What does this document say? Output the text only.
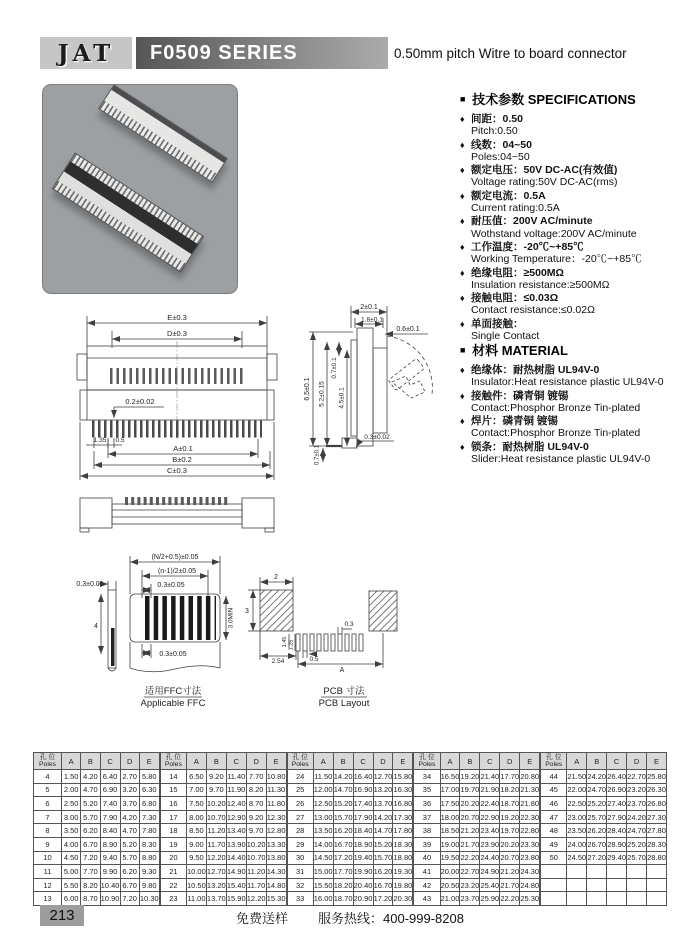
JAT F0509 SERIES	0.50mm pitch Witre to board connector
■ 技术参数 SPECIFICATIONS
♦ 间距：0.50
Pitch:0.50
♦ 线数：04~50
Poles:04~50
♦ 额定电压：50V DC-AC(有效值)
Voltage rating:50V DC-AC(rms)
♦ 额定电流：0.5A
Current rating:0.5A
♦ 耐压值：200V AC/minute
Wothstand voltage:200V AC/minute
♦ 工作温度：-20℃~+85℃
Working Temperature：-20℃~+85℃
♦ 绝缘电阻：≥500MΩ
Insulation resistance:≥500MΩ
♦ 接触电阻：≤0.03Ω
Contact resistance:≤0.02Ω
♦ 单面接触：
Single Contact
■ 材料 MATERIAL
♦ 绝缘体：耐热树脂 UL94V-0
Insulator:Heat resistance plastic UL94V-0
♦ 接触件：磷青铜 镀锡
Contact:Phosphor Bronze Tin-plated
♦ 焊片：磷青铜 镀锡
Contact:Phosphor Bronze Tin-plated
♦ 锁条：耐热树脂 UL94V-0
Slider:Heat resistance plastic UL94V-0
E±0.3
D±0.3
0.2±0.02
1.35 0.5
A±0.1
B±0.2
C±0.3
2±0.1
1.8±0.1
0.6±0.1
6.5±0.1 5.2±0.15
0.7±0.1
4.5±0.1
0.7±0.1
0.3±0.02
(N/2+0.5)±0.05
(n-1)/2±0.05
0.3±0.05
3.0MIN
0.3±0.05
0.3±0.01
4
适用FFC寸法
Applicable FFC
2
3
1.45 1.25
2.54	0.5
0.3
A
PCB 寸法
PCB Layout
孔 位
Poles	A	B	C	D	E
4	1.50	4.20	6.40	2.70	5.80
5	2.00	4.70	6.90	3.20	6.30
6	2.50	5.20	7.40	3.70	6.80
7	3.00	5.70	7.90	4.20	7.30
8	3.50	6.20	8.40	4.70	7.80
9	4.00	6.70	8.90	5.20	8.30
10	4.50	7.20	9.40	5.70	8.80
11	5.00	7.70	9.90	6.20	9.30
12	5.50	8.20	10.40	6.70	9.80
13	6.00	8.70	10.90	7.20	10.30
孔 位
Poles	A	B	C	D	E
14	6.50	9.20	11.40	7.70	10.80
15	7.00	9.70	11.90	8.20	11.30
16	7.50	10.20	12.40	8.70	11.80
17	8.00	10.70	12.90	9.20	12.30
18	8.50	11.20	13.40	9.70	12.80
19	9.00	11.70	13.90	10.20	13.30
20	9.50	12.20	14.40	10.70	13.80
21	10.00	12.70	14.90	11.20	14.30
22	10.50	13.20	15.40	11.70	14.80
23	11.00	13.70	15.90	12.20	15.30
孔 位
Poles	A	B	C	D	E
24	11.50	14.20	16.40	12.70	15.80
25	12.00	14.70	16.90	13.20	16.30
26	12.50	15.20	17.40	13.70	16.80
27	13.00	15.70	17.90	14.20	17.30
28	13.50	16.20	18.40	14.70	17.80
29	14.00	16.70	18.90	15.20	18.30
30	14.50	17.20	19.40	15.70	18.80
31	15.00	17.70	19.90	16.20	19.30
32	15.50	18.20	20.40	16.70	19.80
33	16.00	18.70	20.90	17.20	20.30
孔 位
Poles	A	B	C	D	E
34	16.50	19.20	21.40	17.70	20.80
35	17.00	19.70	21.90	18.20	21.30
36	17.50	20.20	22.40	18.70	21.80
37	18.00	20.70	22.90	19.20	22.30
38	18.50	21.20	23.40	19.70	22.80
39	19.00	21.70	23.90	20.20	23.30
40	19.50	22.20	24.40	20.70	23.80
41	20.00	22.70	24.90	21.20	24.30
42	20.50	23.20	25.40	21.70	24.80
43	21.00	23.70	25.90	22.20	25.30
孔 位
Poles	A	B	C	D	E
44	21.50	24.20	26.40	22.70	25.80
45	22.00	24.70	26.90	23.20	26.30
46	22.50	25.20	27.40	23.70	26.80
47	23.00	25.70	27.90	24.20	27.30
48	23.50	26.20	28.40	24.70	27.80
49	24.00	26.70	28.90	25.20	28.30
50	24.50	27.20	29.40	25.70	28.80

213	免费送样 服务热线：400-999-8208
